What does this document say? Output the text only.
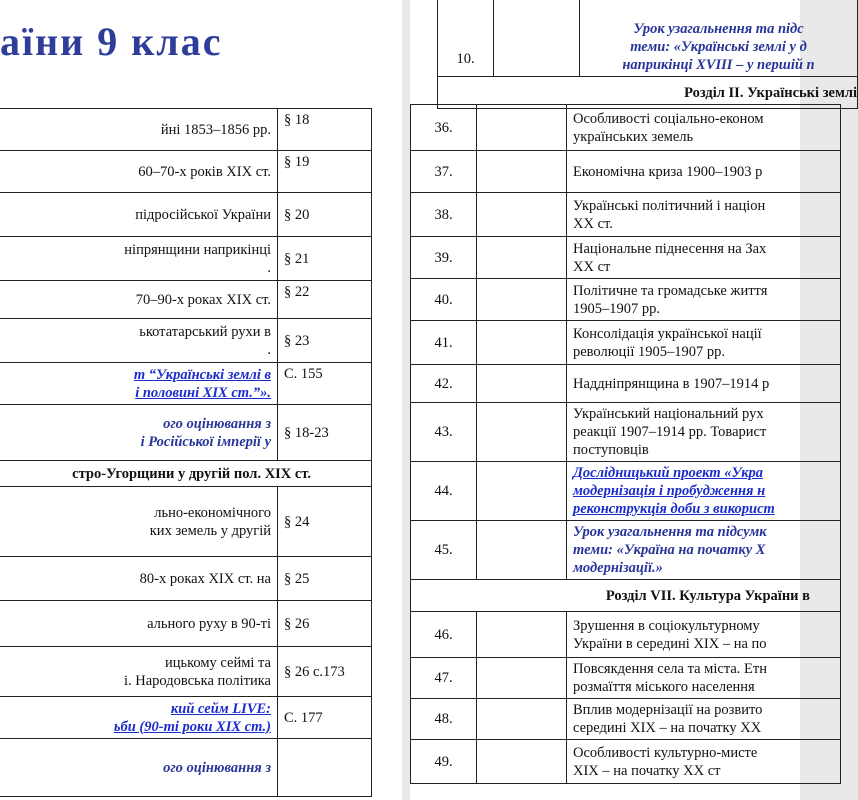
аїни 9 клас
йні 1853–1856 рр.	§ 18
60–70-х років ХІХ ст.	§ 19
підросійської України	§ 20
ніпрянщини наприкінці
.	§ 21
70–90-х роках ХІХ ст.	§ 22
ькотатарський рухи в
.	§ 23
т “Українські землі в
і половині ХІХ ст.”».	С. 155
ого оцінювання з
і Російської імперії у	§ 18-23
стро-Угорщини у другій пол. ХІХ ст.	
льно-економічного
ких земель у другій	§ 24
80-х роках ХІХ ст. на	§ 25
ального руху в 90-ті	§ 26
ицькому сеймі та
і. Народовська політика	§ 26 с.173
кий сейм LIVE:
ьби (90-ті роки ХІХ ст.)	С. 177
ого оцінювання з

10.		Урок узагальнення та підс
теми: «Українські землі у д
наприкінці XVIII – у першій п
Розділ ІІ. Українські землі
36.		Особливості соціально-економ
українських земель
37.		Економічна криза 1900–1903 р
38.		Українські політичний і націон
ХХ ст.
39.		Національне піднесення на Зах
ХХ ст
40.		Політичне та громадське життя
1905–1907 рр.
41.		Консолідація української нації
революції 1905–1907 рр.
42.		Наддніпрянщина в 1907–1914 р
43.		Український національний рух
реакції 1907–1914 рр. Товарист
поступовців
44.		Дослідницький проект «Укра
модернізація і пробудження н
реконструкція доби з використ
45.		Урок узагальнення та підсумк
теми: «Україна на початку Х
модернізації.»
Розділ VІІ. Культура України в		
46.		Зрушення в соціокультурному
України в середині ХІХ – на по
47.		Повсякдення села та міста. Етн
розмаїття міського населення
48.		Вплив модернізації на розвито
середині ХІХ – на початку ХХ
49.		Особливості культурно-мисте
ХІХ – на початку ХХ ст
